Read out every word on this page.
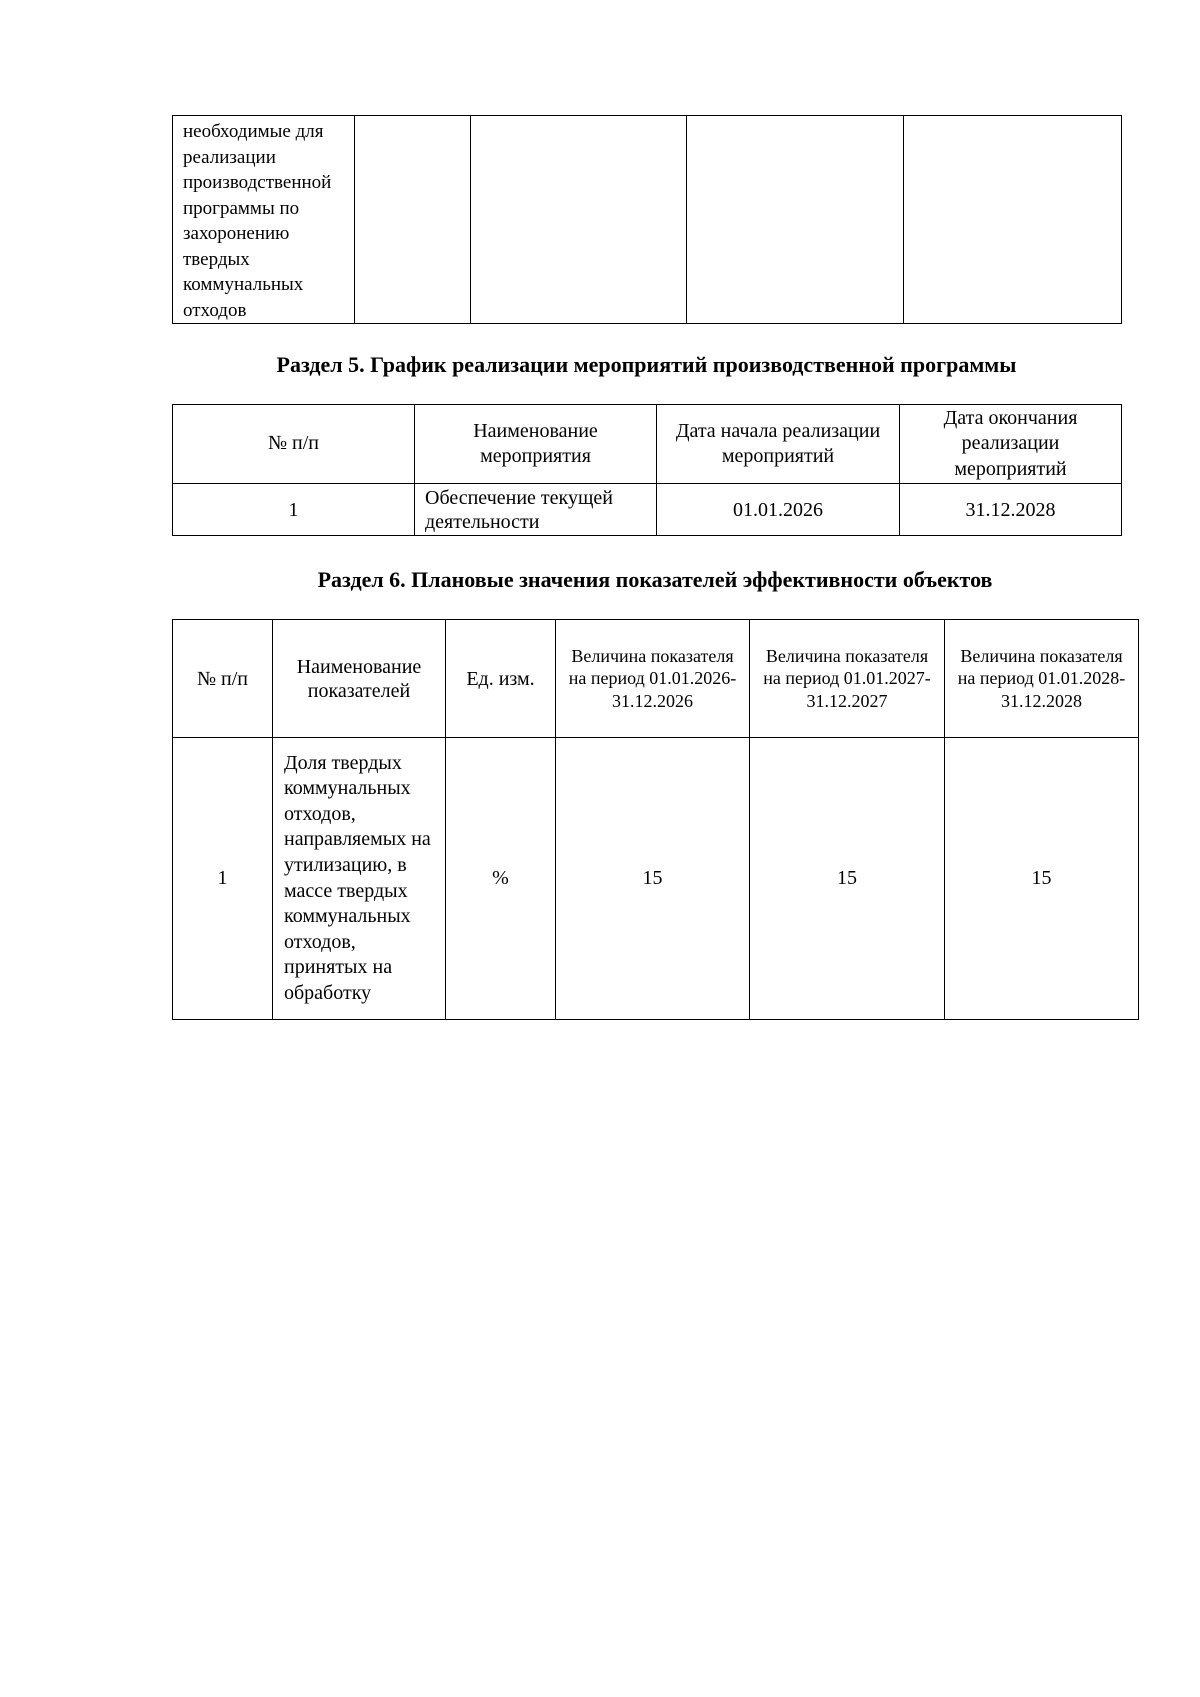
необходимые для реализации производственной программы по захоронению твердых коммунальных отходов				
Раздел 5. График реализации мероприятий производственной программы
№ п/п	Наименование мероприятия	Дата начала реализации мероприятий	Дата окончания реализации мероприятий
1	Обеспечение текущей деятельности	01.01.2026	31.12.2028
Раздел 6. Плановые значения показателей эффективности объектов
№ п/п	Наименование показателей	Ед. изм.	Величина показателя на период 01.01.2026-31.12.2026	Величина показателя на период 01.01.2027-31.12.2027	Величина показателя на период 01.01.2028-31.12.2028
1	Доля твердых коммунальных отходов, направляемых на утилизацию, в массе твердых коммунальных отходов, принятых на обработку	%	15	15	15
